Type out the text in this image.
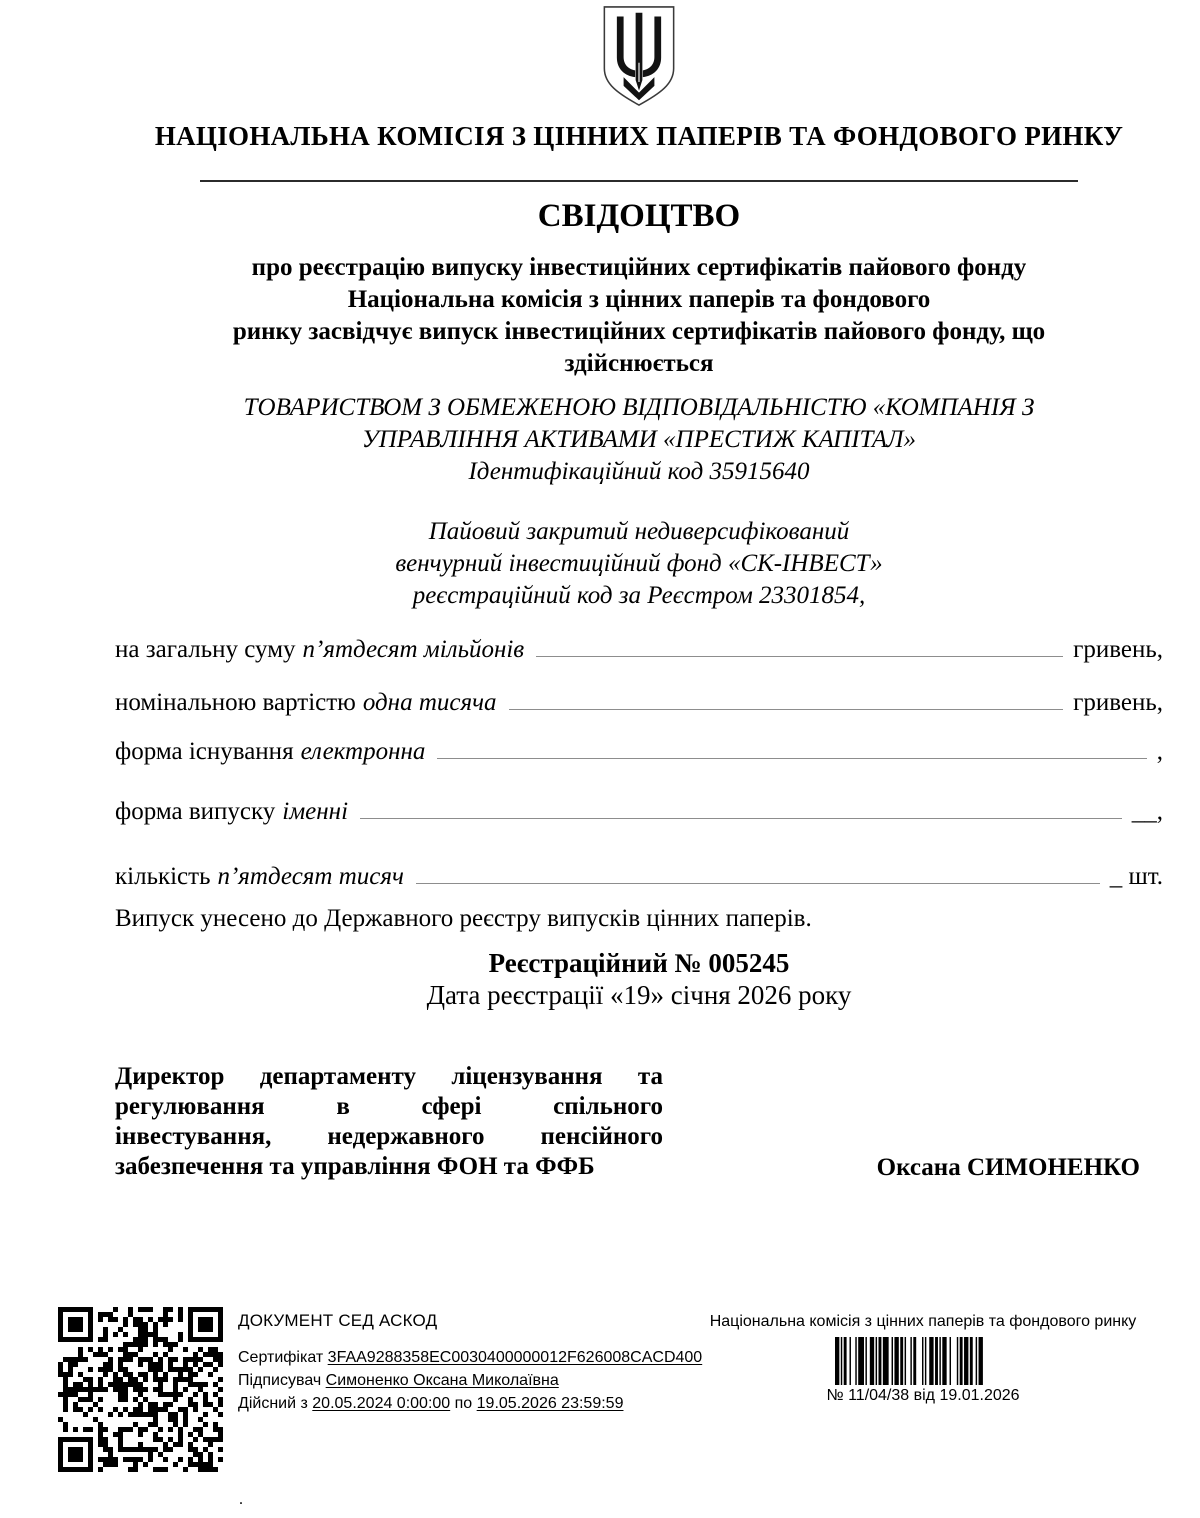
НАЦІОНАЛЬНА КОМІСІЯ З ЦІННИХ ПАПЕРІВ ТА ФОНДОВОГО РИНКУ
СВІДОЦТВО
про реєстрацію випуску інвестиційних сертифікатів пайового фонду
Національна комісія з цінних паперів та фондового
ринку засвідчує випуск інвестиційних сертифікатів пайового фонду, що
здійснюється
ТОВАРИСТВОМ З ОБМЕЖЕНОЮ ВІДПОВІДАЛЬНІСТЮ «КОМПАНІЯ З
УПРАВЛІННЯ АКТИВАМИ «ПРЕСТИЖ КАПІТАЛ»
Ідентифікаційний код 35915640
Пайовий закритий недиверсифікований
венчурний інвестиційний фонд «СК-ІНВЕСТ»
реєстраційний код за Реєстром 23301854,
на загальну суму п’ятдесят мільйонів	гривень,
номінальною вартістю одна тисяча	гривень,
форма існування електронна	,
форма випуску іменні	__,
кількість п’ятдесят тисяч	_ шт.
Випуск унесено до Державного реєстру випусків цінних паперів.
Реєстраційний № 005245
Дата реєстрації «19» січня 2026 року
Директор департаменту ліцензування та
регулювання в сфері спільного
інвестування, недержавного пенсійного
забезпечення та управління ФОН та ФФБ	Оксана СИМОНЕНКО
ДОКУМЕНТ СЕД АСКОД
Сертифікат 3FAA9288358EC0030400000012F626008CACD400
Підписувач Симоненко Оксана Миколаївна
Дійсний з 20.05.2024 0:00:00 по 19.05.2026 23:59:59
Національна комісія з цінних паперів та фондового ринку
№ 11/04/38 від 19.01.2026
.
